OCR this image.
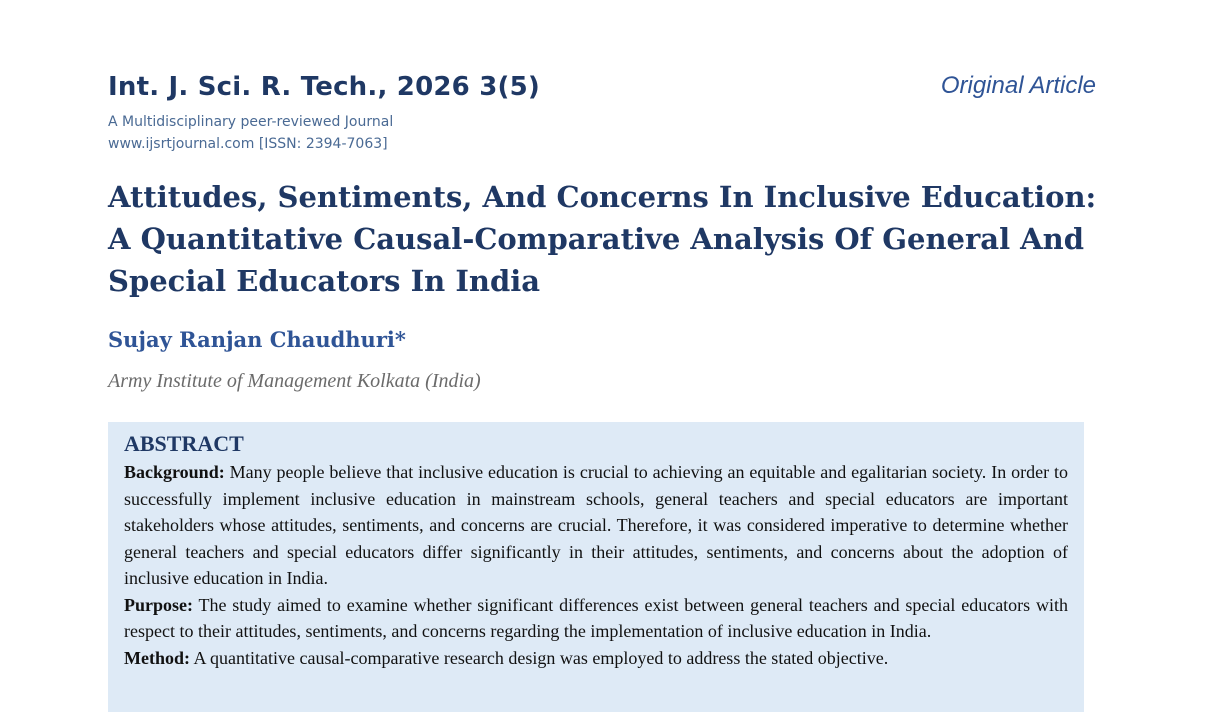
Int. J. Sci. R. Tech., 2026 3(5)
A Multidisciplinary peer-reviewed Journal
www.ijsrtjournal.com [ISSN: 2394-7063]
Original Article
Attitudes, Sentiments, And Concerns In Inclusive Education: A Quantitative Causal-Comparative Analysis Of General And Special Educators In India
Sujay Ranjan Chaudhuri*
Army Institute of Management Kolkata (India)
ABSTRACT

Background: Many people believe that inclusive education is crucial to achieving an equitable and egalitarian society. In order to successfully implement inclusive education in mainstream schools, general teachers and special educators are important stakeholders whose attitudes, sentiments, and concerns are crucial. Therefore, it was considered imperative to determine whether general teachers and special educators differ significantly in their attitudes, sentiments, and concerns about the adoption of inclusive education in India.

Purpose: The study aimed to examine whether significant differences exist between general teachers and special educators with respect to their attitudes, sentiments, and concerns regarding the implementation of inclusive education in India.

Method: A quantitative causal-comparative research design was employed to address the stated objective.
